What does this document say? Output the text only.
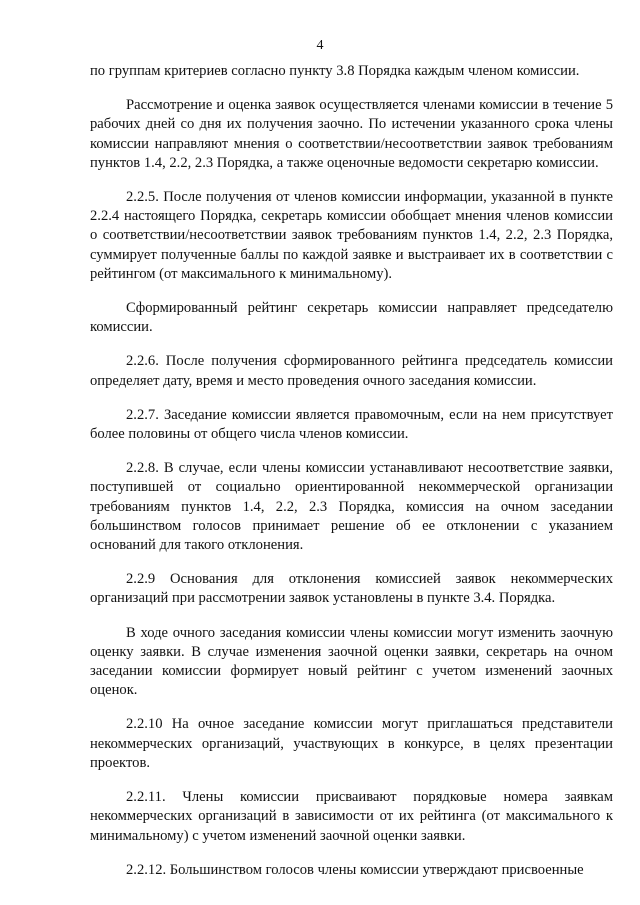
4

по группам критериев согласно пункту 3.8 Порядка каждым членом комиссии.

Рассмотрение и оценка заявок осуществляется членами комиссии в течение 5 рабочих дней со дня их получения заочно. По истечении указанного срока члены комиссии направляют мнения о соответствии/несоответствии заявок требованиям пунктов 1.4, 2.2, 2.3 Порядка, а также оценочные ведомости секретарю комиссии.

2.2.5. После получения от членов комиссии информации, указанной в пункте 2.2.4 настоящего Порядка, секретарь комиссии обобщает мнения членов комиссии о соответствии/несоответствии заявок требованиям пунктов 1.4, 2.2, 2.3 Порядка, суммирует полученные баллы по каждой заявке и выстраивает их в соответствии с рейтингом (от максимального к минимальному).

Сформированный рейтинг секретарь комиссии направляет председателю комиссии.

2.2.6. После получения сформированного рейтинга председатель комиссии определяет дату, время и место проведения очного заседания комиссии.

2.2.7. Заседание комиссии является правомочным, если на нем присутствует более половины от общего числа членов комиссии.

2.2.8. В случае, если члены комиссии устанавливают несоответствие заявки, поступившей от социально ориентированной некоммерческой организации требованиям пунктов 1.4, 2.2, 2.3 Порядка, комиссия на очном заседании большинством голосов принимает решение об ее отклонении с указанием оснований для такого отклонения.

2.2.9 Основания для отклонения комиссией заявок некоммерческих организаций при рассмотрении заявок установлены в пункте 3.4. Порядка.

В ходе очного заседания комиссии члены комиссии могут изменить заочную оценку заявки. В случае изменения заочной оценки заявки, секретарь на очном заседании комиссии формирует новый рейтинг с учетом изменений заочных оценок.

2.2.10 На очное заседание комиссии могут приглашаться представители некоммерческих организаций, участвующих в конкурсе, в целях презентации проектов.

2.2.11. Члены комиссии присваивают порядковые номера заявкам некоммерческих организаций в зависимости от их рейтинга (от максимального к минимальному) с учетом изменений заочной оценки заявки.

2.2.12. Большинством голосов члены комиссии утверждают присвоенные
